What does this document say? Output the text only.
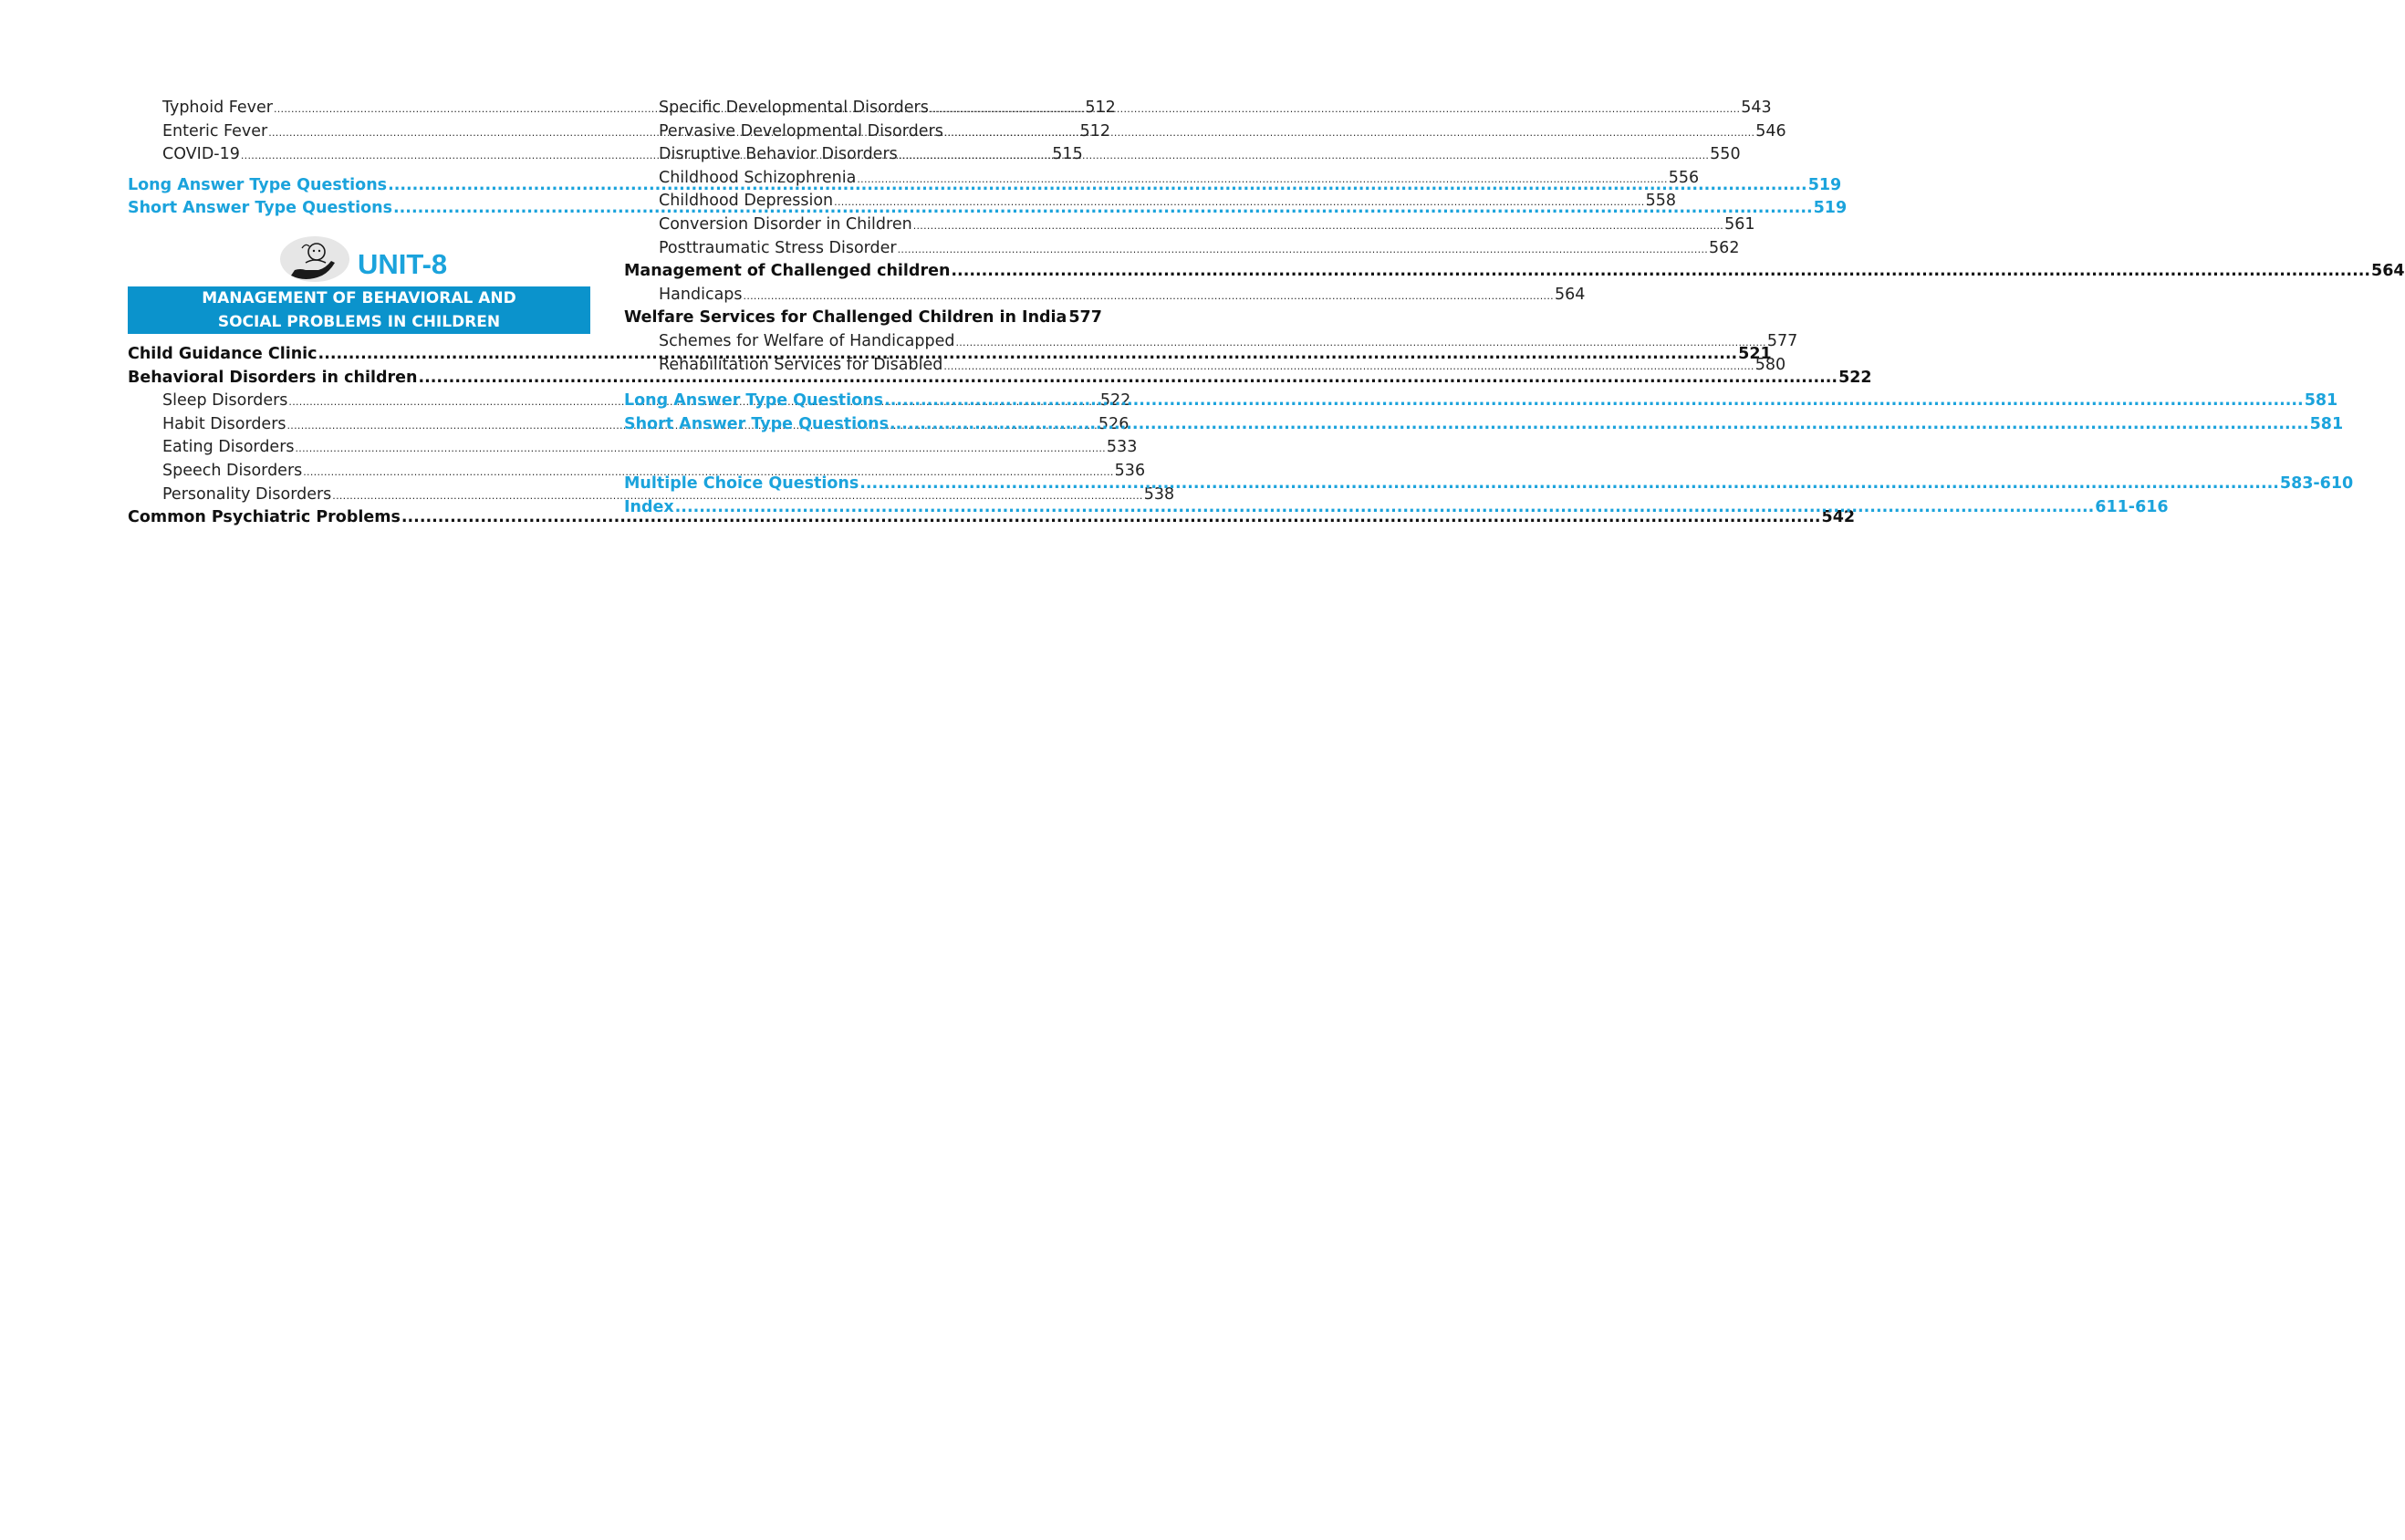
Typhoid Fever .....	512
Enteric Fever .....	512
COVID-19 .....	515
Long Answer Type Questions .....	519
Short Answer Type Questions .....	519
UNIT-8
MANAGEMENT OF BEHAVIORAL AND
SOCIAL PROBLEMS IN CHILDREN
Child Guidance Clinic .....	521
Behavioral Disorders in children .....	522
Sleep Disorders .....	522
Habit Disorders .....	526
Eating Disorders .....	533
Speech Disorders .....	536
Personality Disorders .....	538
Common Psychiatric Problems .....	542
Specific Developmental Disorders .....	543
Pervasive Developmental Disorders .....	546
Disruptive Behavior Disorders .....	550
Childhood Schizophrenia .....	556
Childhood Depression .....	558
Conversion Disorder in Children .....	561
Posttraumatic Stress Disorder .....	562
Management of Challenged children .....	564
Handicaps .....	564
Welfare Services for Challenged Children in India 577
Schemes for Welfare of Handicapped .....	577
Rehabilitation Services for Disabled .....	580
Long Answer Type Questions .....	581
Short Answer Type Questions .....	581
Multiple Choice Questions .....	583-610
Index .....	611-616
